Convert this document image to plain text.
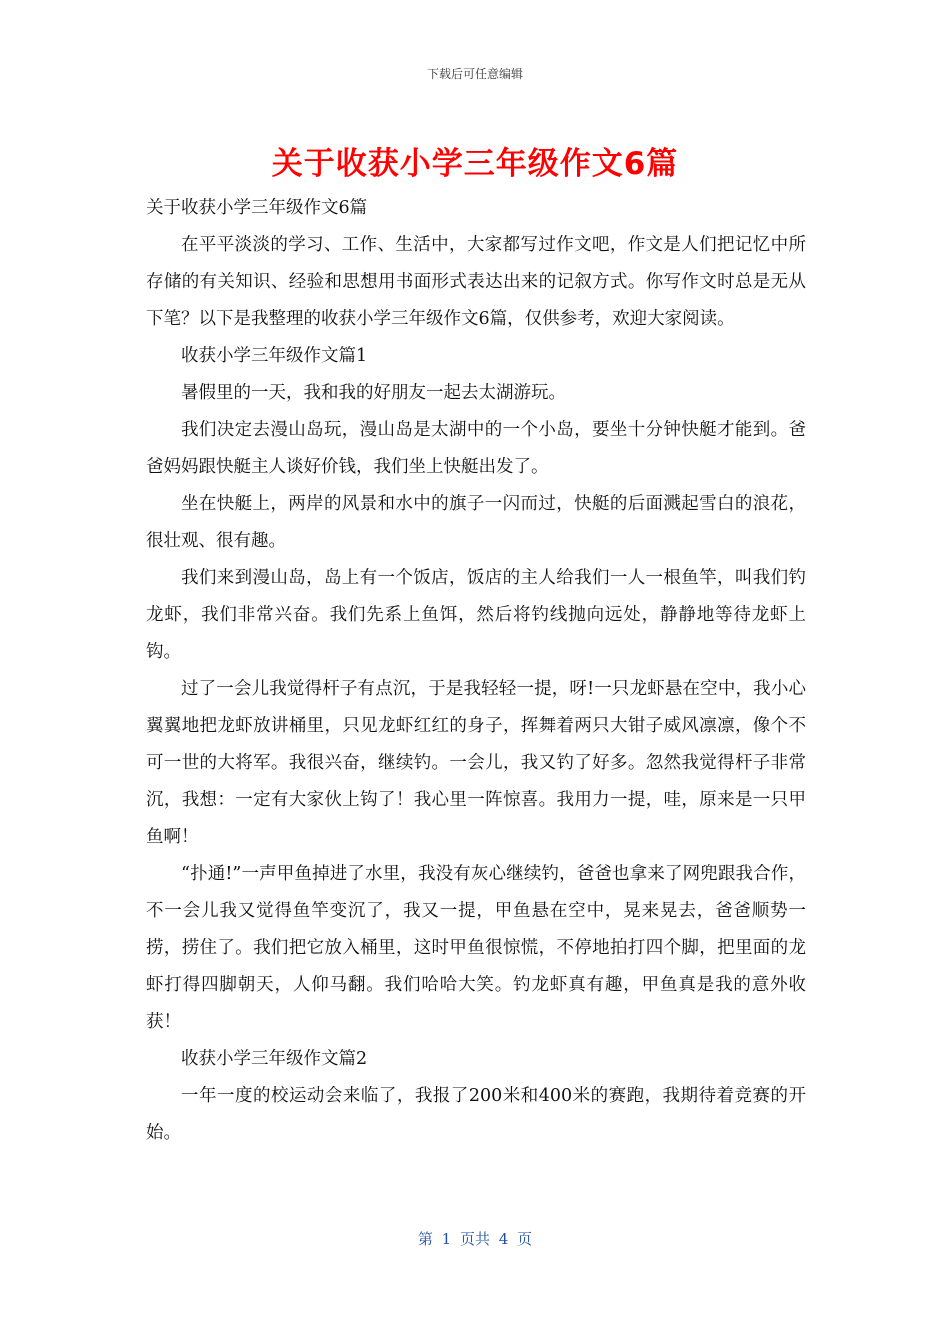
下载后可任意编辑
关于收获小学三年级作文6篇

关于收获小学三年级作文6篇

在平平淡淡的学习、工作、生活中，大家都写过作文吧，作文是人们把记忆中所存储的有关知识、经验和思想用书面形式表达出来的记叙方式。你写作文时总是无从下笔？以下是我整理的收获小学三年级作文6篇，仅供参考，欢迎大家阅读。

收获小学三年级作文篇1

暑假里的一天，我和我的好朋友一起去太湖游玩。

我们决定去漫山岛玩，漫山岛是太湖中的一个小岛，要坐十分钟快艇才能到。爸爸妈妈跟快艇主人谈好价钱，我们坐上快艇出发了。

坐在快艇上，两岸的风景和水中的旗子一闪而过，快艇的后面溅起雪白的浪花，很壮观、很有趣。

我们来到漫山岛，岛上有一个饭店，饭店的主人给我们一人一根鱼竿，叫我们钓龙虾，我们非常兴奋。我们先系上鱼饵，然后将钓线抛向远处，静静地等待龙虾上钩。

过了一会儿我觉得杆子有点沉，于是我轻轻一提，呀!一只龙虾悬在空中，我小心翼翼地把龙虾放讲桶里，只见龙虾红红的身子，挥舞着两只大钳子威风凛凛，像个不可一世的大将军。我很兴奋，继续钓。一会儿，我又钓了好多。忽然我觉得杆子非常沉，我想：一定有大家伙上钩了！我心里一阵惊喜。我用力一提，哇，原来是一只甲鱼啊！

“扑通!”一声甲鱼掉进了水里，我没有灰心继续钓，爸爸也拿来了网兜跟我合作，不一会儿我又觉得鱼竿变沉了，我又一提，甲鱼悬在空中，晃来晃去，爸爸顺势一捞，捞住了。我们把它放入桶里，这时甲鱼很惊慌，不停地拍打四个脚，把里面的龙虾打得四脚朝天，人仰马翻。我们哈哈大笑。钓龙虾真有趣，甲鱼真是我的意外收获！

收获小学三年级作文篇2

一年一度的校运动会来临了，我报了200米和400米的赛跑，我期待着竞赛的开始。

第 1 页共 4 页
